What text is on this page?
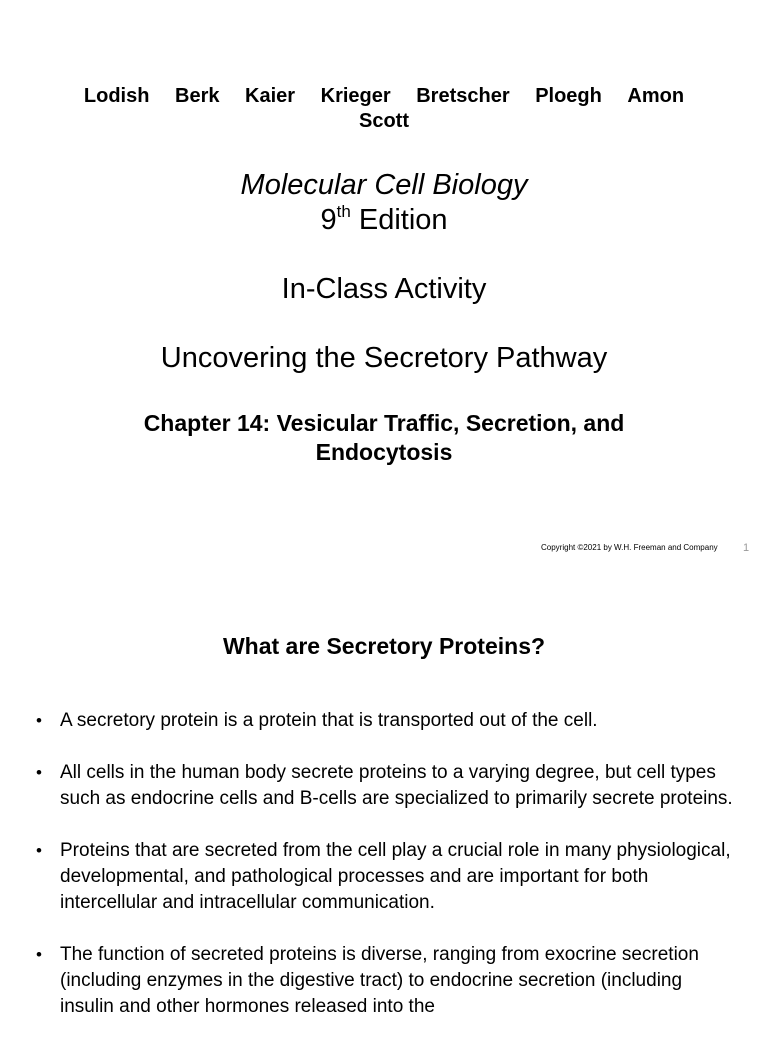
Lodish Berk Kaier Krieger Bretscher Ploegh Amon
Scott
Molecular Cell Biology
9th Edition
In-Class Activity
Uncovering the Secretory Pathway
Chapter 14: Vesicular Traffic, Secretion, and
Endocytosis
Copyright ©2021 by W.H. Freeman and Company 1
What are Secretory Proteins?
• A secretory protein is a protein that is transported out of the cell.
• All cells in the human body secrete proteins to a varying degree, but cell types such as endocrine cells and B-cells are specialized to primarily secrete proteins.
• Proteins that are secreted from the cell play a crucial role in many physiological, developmental, and pathological processes and are important for both intercellular and intracellular communication.
• The function of secreted proteins is diverse, ranging from exocrine secretion (including enzymes in the digestive tract) to endocrine secretion (including insulin and other hormones released into the
